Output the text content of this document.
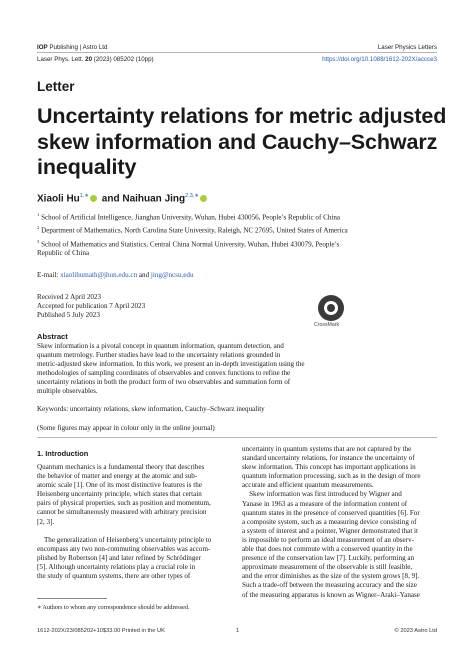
IOP Publishing | Astro Ltd	Laser Physics Letters
Laser Phys. Lett. 20 (2023) 085202 (10pp)	https://doi.org/10.1088/1612-202X/accce3
Letter
Uncertainty relations for metric adjusted
skew information and Cauchy–Schwarz
inequality
Xiaoli $Hu^{1,∗}$ and Naihuan Jing$^{2,3,∗}$
$^1$ School of Artificial Intelligence, Jianghan University, Wuhan, Hubei 430056, People’s Republic of China
$^2$ Department of Mathematics, North Carolina State University, Raleigh, NC 27695, United States of America
$^3$ School of Mathematics and Statistics, Central China Normal University, Wuhan, Hubei 430079, People’s Republic of China
E-mail: xiaolihumath@jhun.edu.cn and jing@ncsu.edu
Received 2 April 2023
Accepted for publication 7 April 2023
Published 5 July 2023
CrossMark
Abstract
Skew information is a pivotal concept in quantum information, quantum detection, and
quantum metrology. Further studies have lead to the uncertainty relations grounded in
metric-adjusted skew information. In this work, we present an in-depth investigation using the
methodologies of sampling coordinates of observables and convex functions to refine the
uncertainty relations in both the product form of two observables and summation form of
multiple observables.
Keywords: uncertainty relations, skew information, Cauchy–Schwarz inequality
(Some figures may appear in colour only in the online journal)
1. Introduction
Quantum mechanics is a fundamental theory that describes
the behavior of matter and energy at the atomic and sub-
atomic scale [1]. One of its most distinctive features is the
Heisenberg uncertainty principle, which states that certain
pairs of physical properties, such as position and momentum,
cannot be simultaneously measured with arbitrary precision
[2, 3].
The generalization of Heisenberg’s uncertainty principle to
encompass any two non-commuting observables was accom-
plished by Robertson [4] and later refined by Schrödinger
[5]. Although uncertainty relations play a crucial role in
the study of quantum systems, there are other types of
uncertainty in quantum systems that are not captured by the
standard uncertainty relations, for instance the uncertainty of
skew information. This concept has important applications in
quantum information processing, such as in the design of more
accurate and efficient quantum measurements.
Skew information was first introduced by Wigner and
Yanase in 1963 as a measure of the information content of
quantum states in the presence of conserved quantities [6]. For
a composite system, such as a measuring device consisting of
a system of interest and a pointer, Wigner demonstrated that it
is impossible to perform an ideal measurement of an observ-
able that does not commute with a conserved quantity in the
presence of the conservation law [7]. Luckily, performing an
approximate measurement of the observable is still feasible,
and the error diminishes as the size of the system grows [8, 9].
Such a trade-off between the measuring accuracy and the size
of the measuring apparatus is known as Wigner–Araki–Yanase
∗ Authors to whom any correspondence should be addressed.
1612-202X/23/085202+10$33.00 Printed in the UK	1	© 2023 Astro Ltd
